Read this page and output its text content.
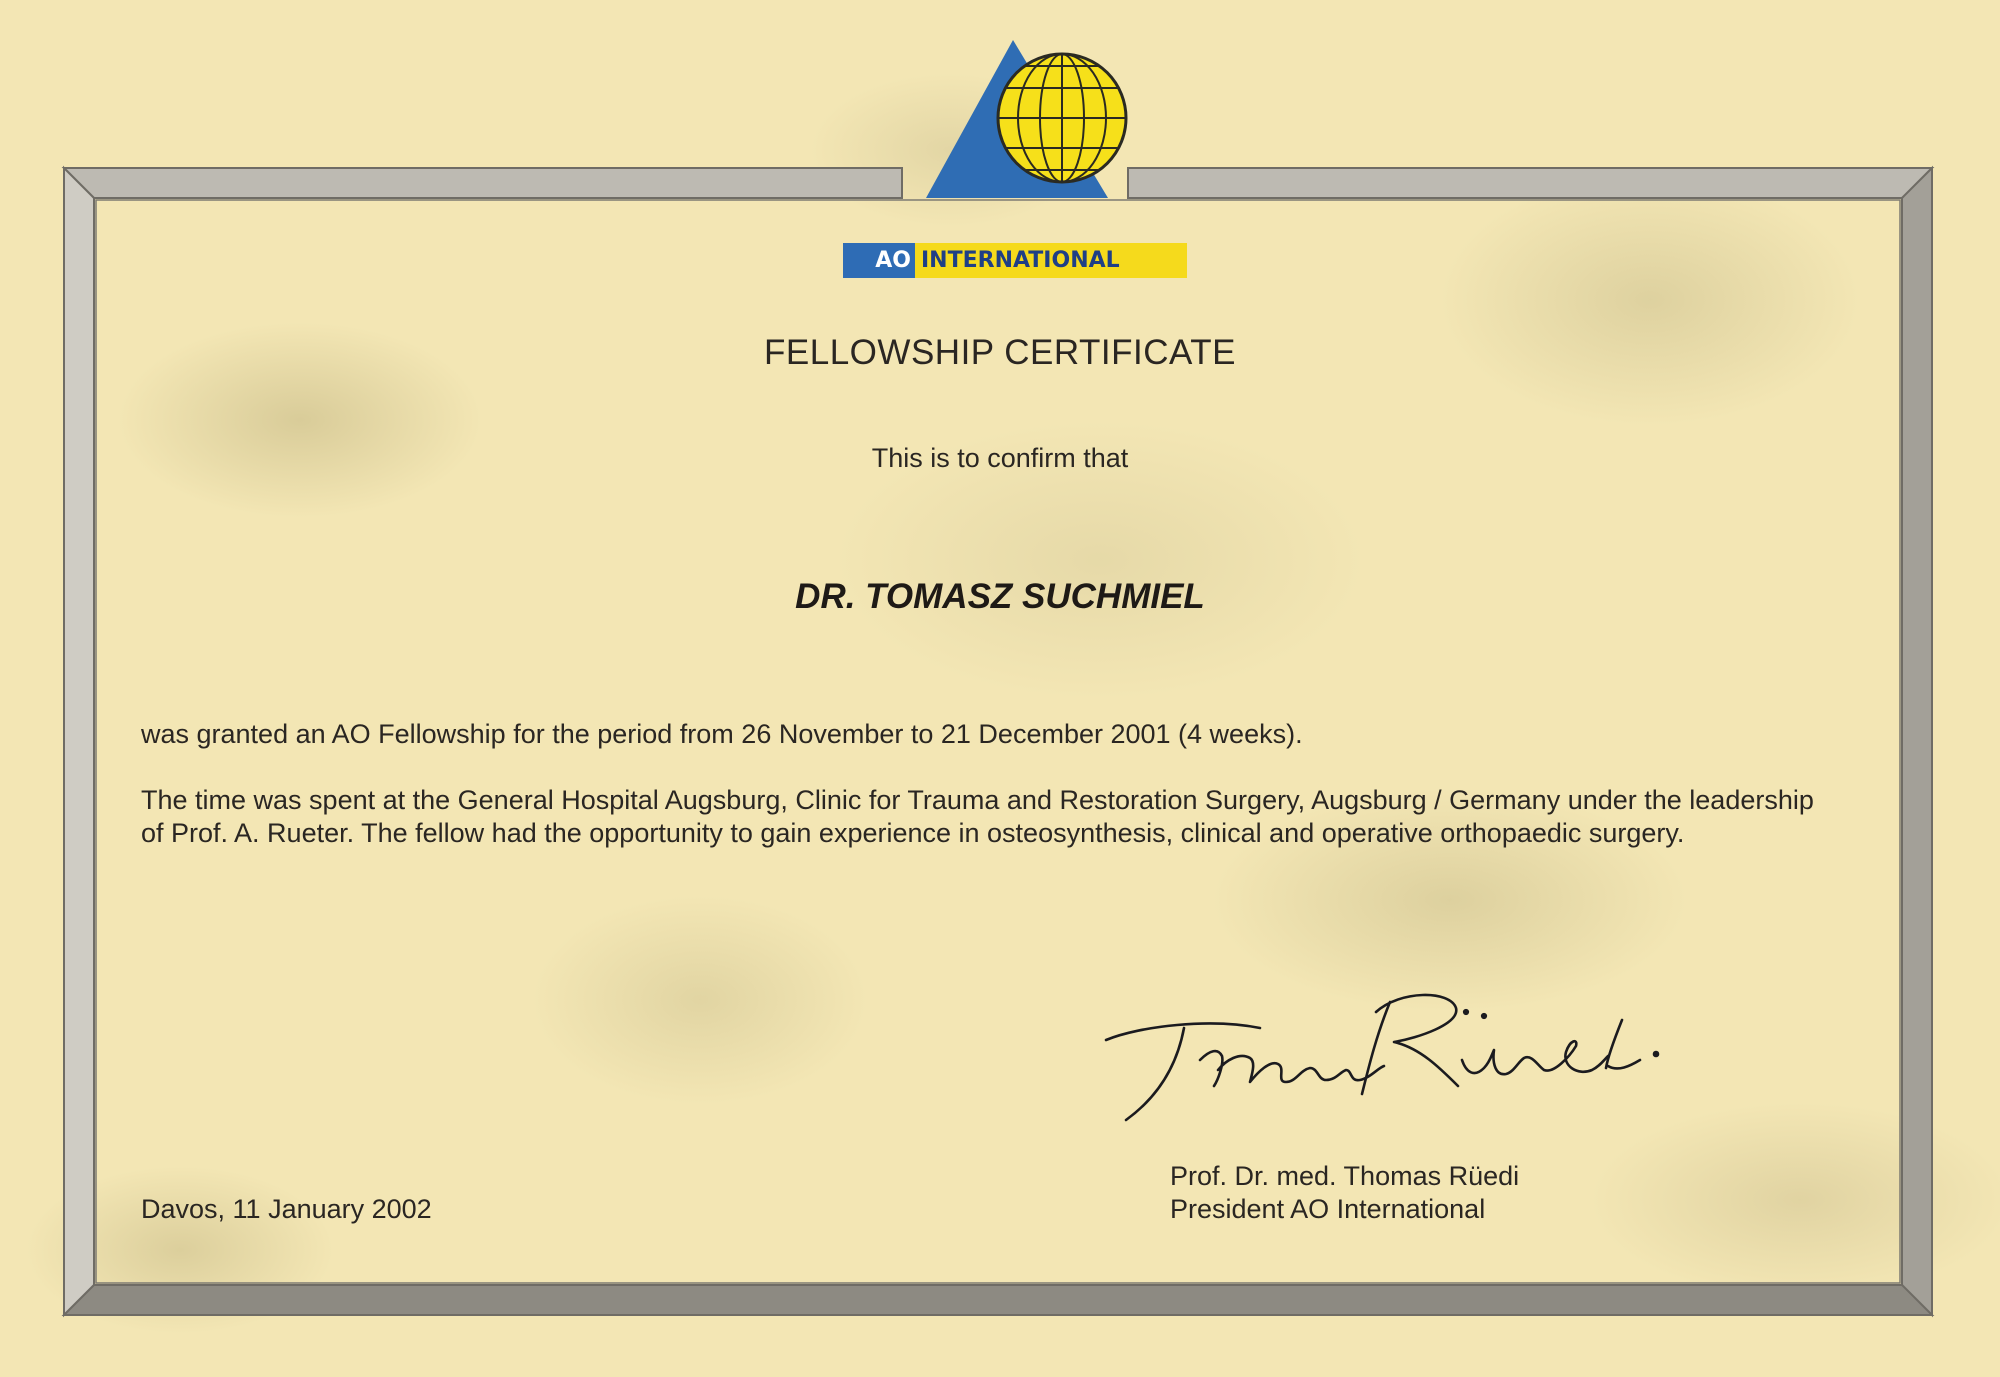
AO INTERNATIONAL
FELLOWSHIP CERTIFICATE
This is to confirm that
DR. TOMASZ SUCHMIEL
was granted an AO Fellowship for the period from 26 November to 21 December 2001 (4 weeks).
The time was spent at the General Hospital Augsburg, Clinic for Trauma and Restoration Surgery, Augsburg / Germany under the leadership of Prof. A. Rueter. The fellow had the opportunity to gain experience in osteosynthesis, clinical and operative orthopaedic surgery.
Prof. Dr. med. Thomas Rüedi
President AO International
Davos, 11 January 2002
